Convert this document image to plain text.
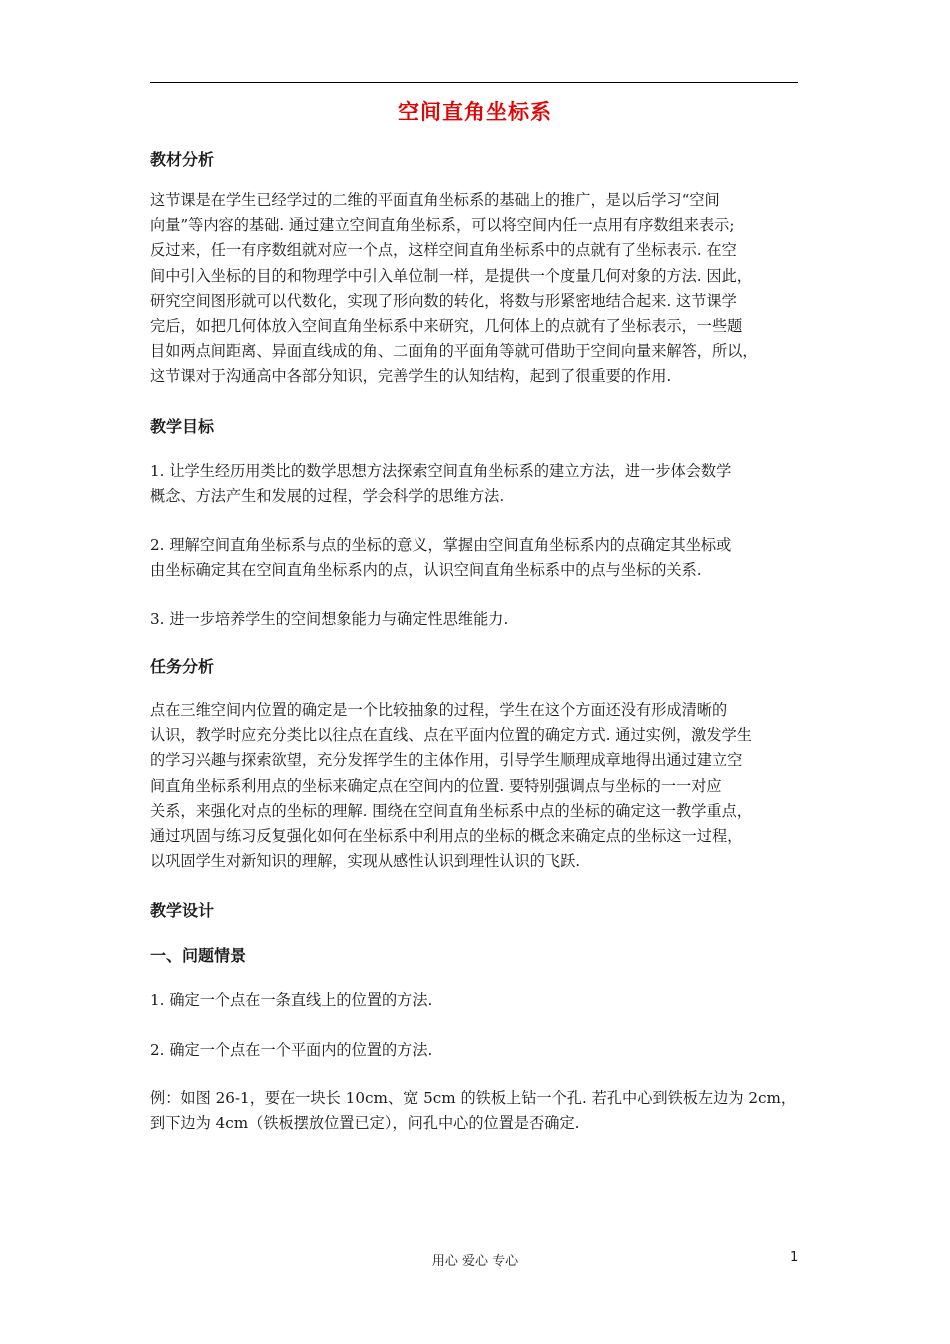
空间直角坐标系
教材分析
这节课是在学生已经学过的二维的平面直角坐标系的基础上的推广，是以后学习“空间
向量”等内容的基础. 通过建立空间直角坐标系，可以将空间内任一点用有序数组来表示;
反过来，任一有序数组就对应一个点，这样空间直角坐标系中的点就有了坐标表示. 在空
间中引入坐标的目的和物理学中引入单位制一样，是提供一个度量几何对象的方法. 因此，
研究空间图形就可以代数化，实现了形向数的转化，将数与形紧密地结合起来. 这节课学
完后，如把几何体放入空间直角坐标系中来研究，几何体上的点就有了坐标表示，一些题
目如两点间距离、异面直线成的角、二面角的平面角等就可借助于空间向量来解答，所以，
这节课对于沟通高中各部分知识，完善学生的认知结构，起到了很重要的作用.
教学目标
1. 让学生经历用类比的数学思想方法探索空间直角坐标系的建立方法，进一步体会数学
概念、方法产生和发展的过程，学会科学的思维方法.
2. 理解空间直角坐标系与点的坐标的意义，掌握由空间直角坐标系内的点确定其坐标或
由坐标确定其在空间直角坐标系内的点，认识空间直角坐标系中的点与坐标的关系.
3. 进一步培养学生的空间想象能力与确定性思维能力.
任务分析
点在三维空间内位置的确定是一个比较抽象的过程，学生在这个方面还没有形成清晰的
认识，教学时应充分类比以往点在直线、点在平面内位置的确定方式. 通过实例，激发学生
的学习兴趣与探索欲望，充分发挥学生的主体作用，引导学生顺理成章地得出通过建立空
间直角坐标系利用点的坐标来确定点在空间内的位置. 要特别强调点与坐标的一一对应
关系，来强化对点的坐标的理解. 围绕在空间直角坐标系中点的坐标的确定这一教学重点，
通过巩固与练习反复强化如何在坐标系中利用点的坐标的概念来确定点的坐标这一过程，
以巩固学生对新知识的理解，实现从感性认识到理性认识的飞跃.
教学设计
一、问题情景
1. 确定一个点在一条直线上的位置的方法.
2. 确定一个点在一个平面内的位置的方法.
例：如图 26-1，要在一块长 10cm、宽 5cm 的铁板上钻一个孔. 若孔中心到铁板左边为 2cm，
到下边为 4cm（铁板摆放位置已定），问孔中心的位置是否确定.
用心 爱心 专心	1
